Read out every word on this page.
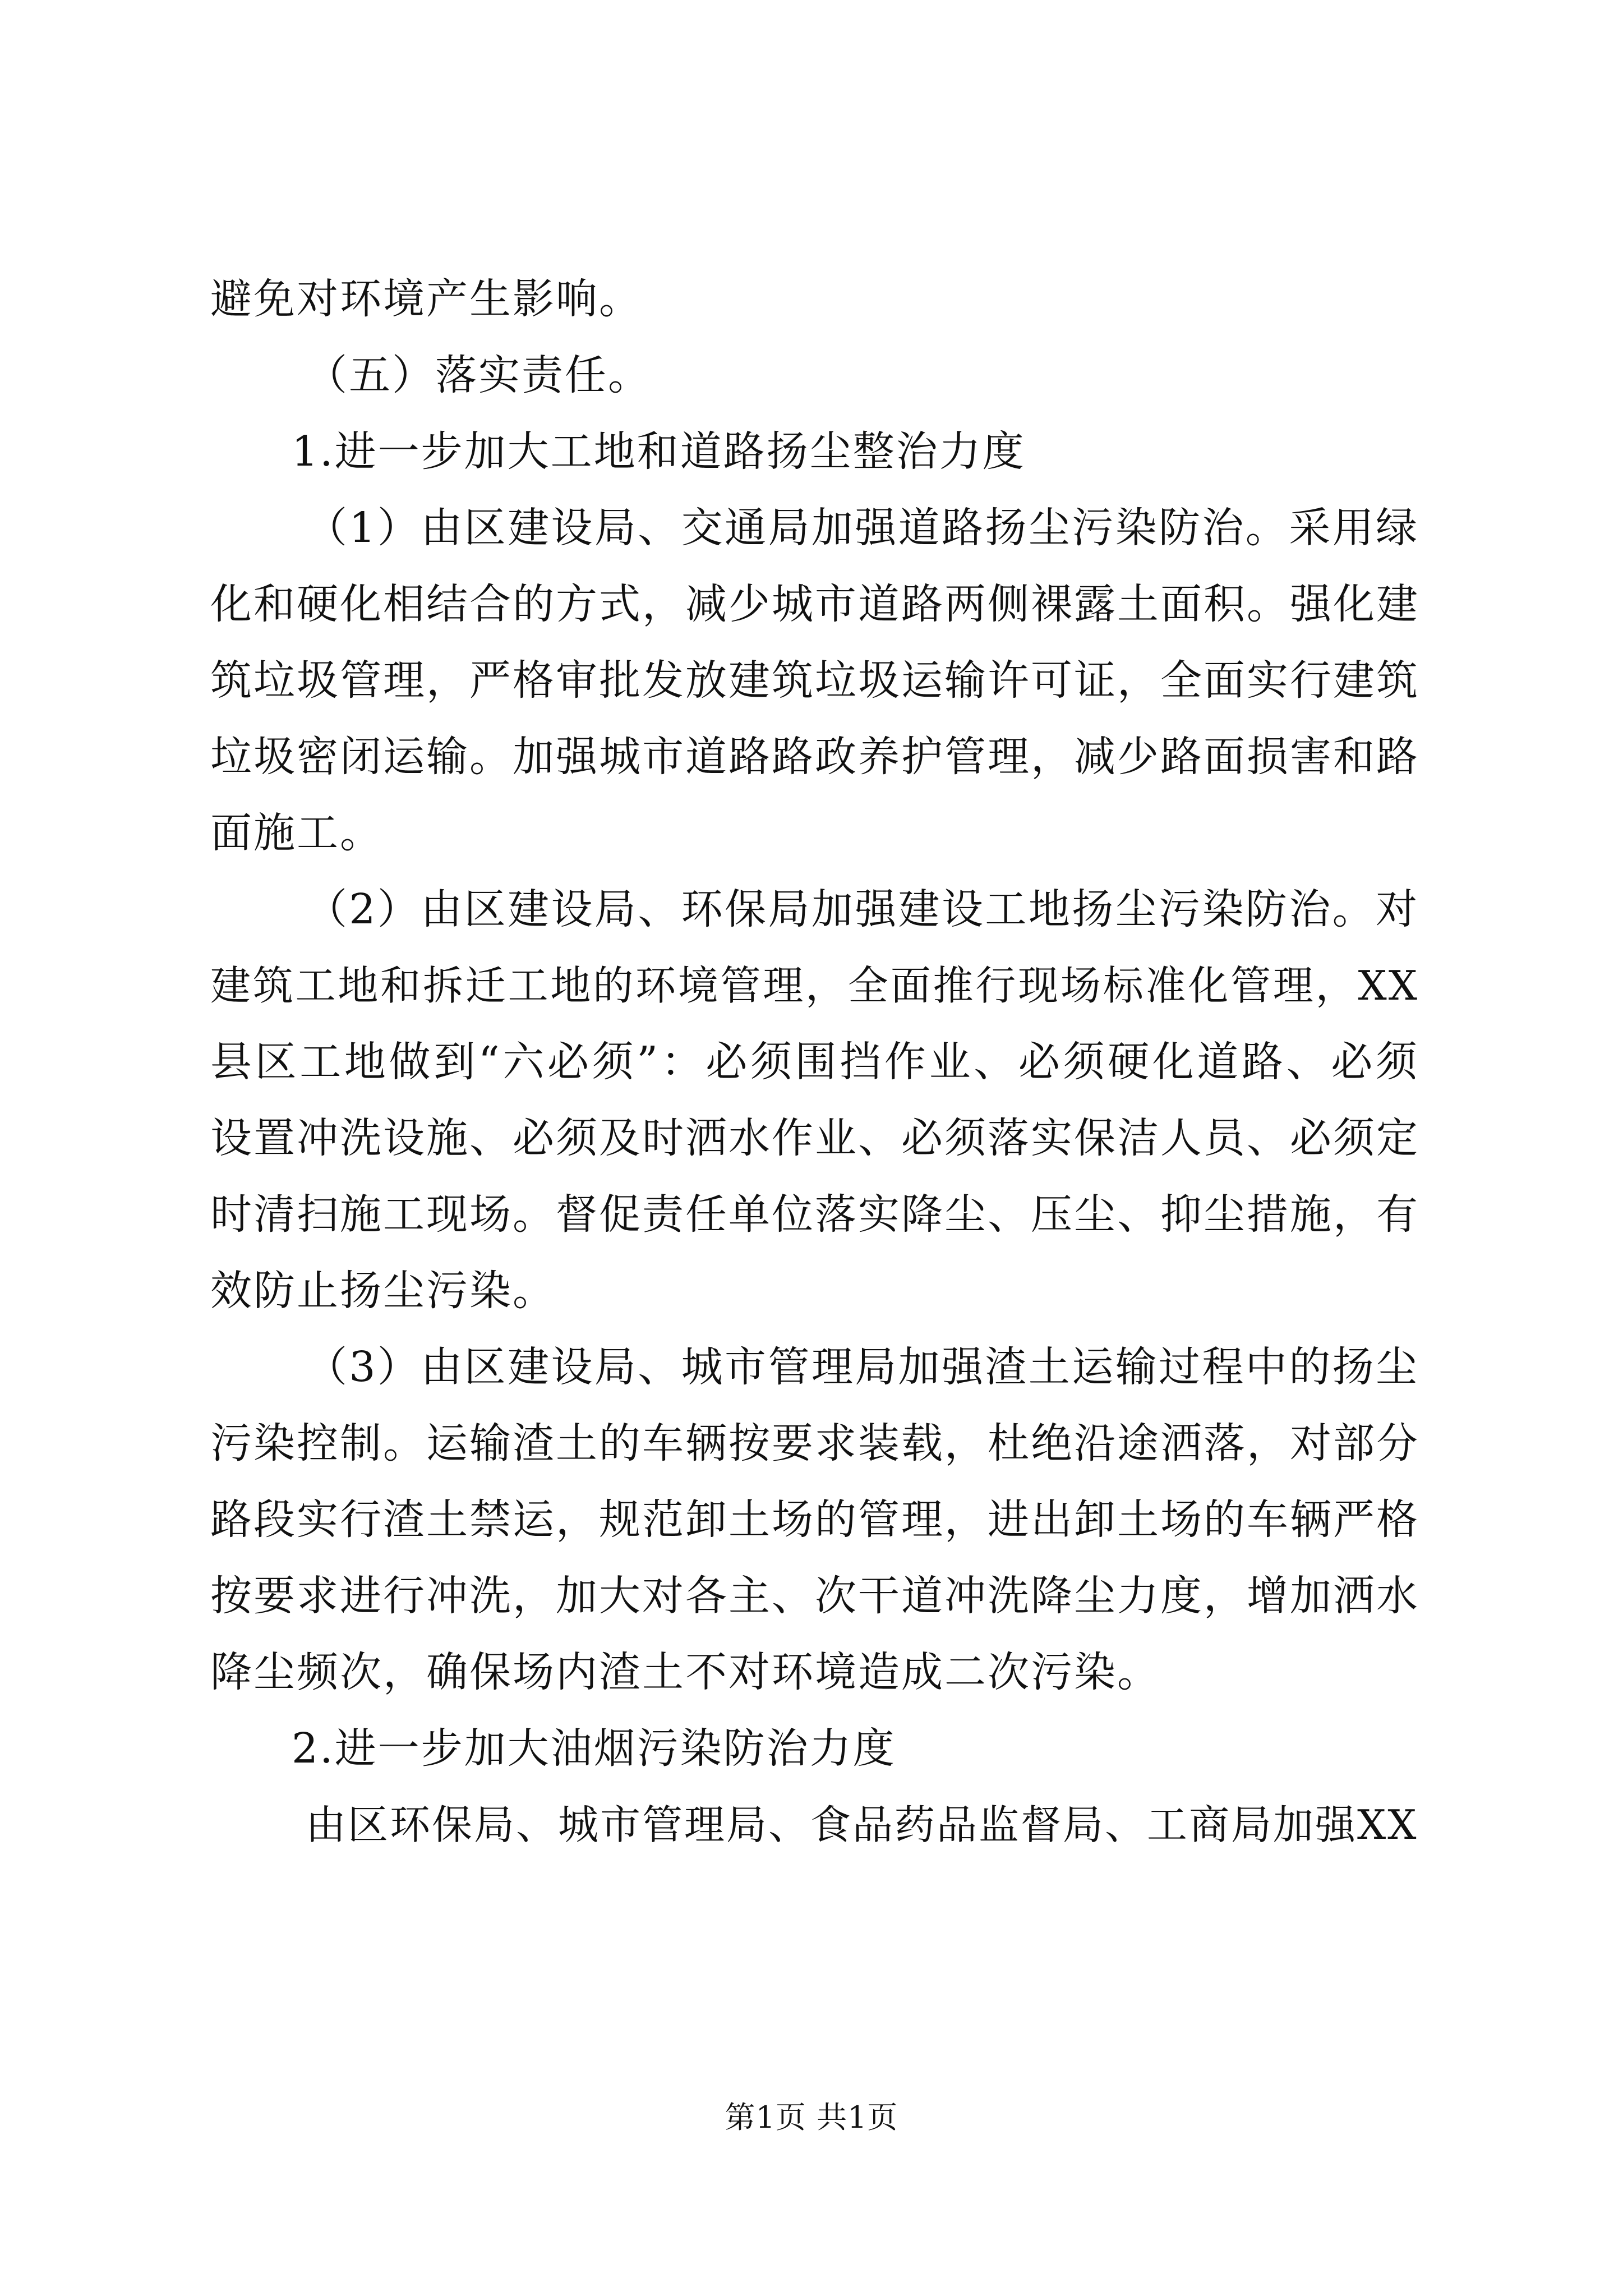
避免对环境产生影响。
（五）落实责任。
1.进一步加大工地和道路扬尘整治力度
（1）由区建设局、交通局加强道路扬尘污染防治。采用绿
化和硬化相结合的方式，减少城市道路两侧裸露土面积。强化建
筑垃圾管理，严格审批发放建筑垃圾运输许可证，全面实行建筑
垃圾密闭运输。加强城市道路路政养护管理，减少路面损害和路
面施工。
（2）由区建设局、环保局加强建设工地扬尘污染防治。对
建筑工地和拆迁工地的环境管理，全面推行现场标准化管理，XX
县区工地做到“六必须”：必须围挡作业、必须硬化道路、必须
设置冲洗设施、必须及时洒水作业、必须落实保洁人员、必须定
时清扫施工现场。督促责任单位落实降尘、压尘、抑尘措施，有
效防止扬尘污染。
（3）由区建设局、城市管理局加强渣土运输过程中的扬尘
污染控制。运输渣土的车辆按要求装载，杜绝沿途洒落，对部分
路段实行渣土禁运，规范卸土场的管理，进出卸土场的车辆严格
按要求进行冲洗，加大对各主、次干道冲洗降尘力度，增加洒水
降尘频次，确保场内渣土不对环境造成二次污染。
2.进一步加大油烟污染防治力度
由区环保局、城市管理局、食品药品监督局、工商局加强XX
第1页 共1页
